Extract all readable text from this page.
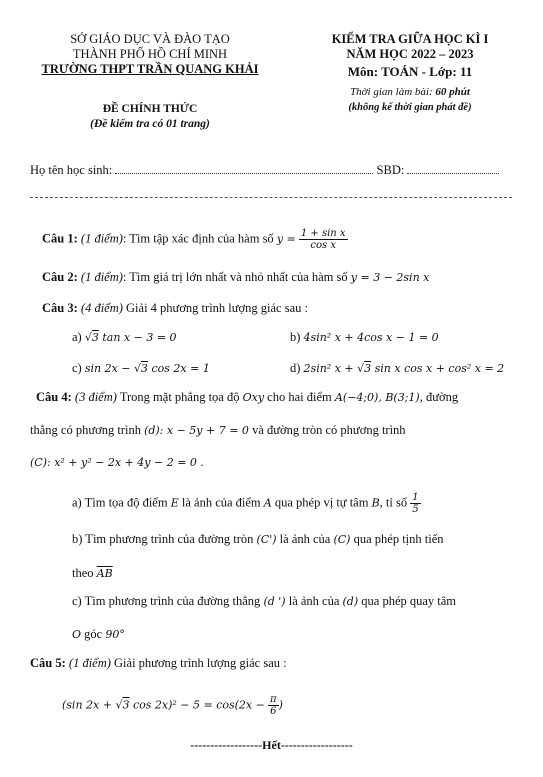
SỞ GIÁO DỤC VÀ ĐÀO TẠO
THÀNH PHỐ HỒ CHÍ MINH
TRƯỜNG THPT TRẦN QUANG KHẢI
ĐỀ CHÍNH THỨC
(Đề kiểm tra có 01 trang)
KIỂM TRA GIỮA HỌC KÌ I
NĂM HỌC 2022 – 2023
Môn: TOÁN - Lớp: 11
Thời gian làm bài: 60 phút
(không kể thời gian phát đề)
Họ tên học sinh:	SBD:
Câu 1: (1 điểm): Tìm tập xác định của hàm số $y = \frac{\text{1 + sin x}}{\text{cos x}}$
Câu 2: (1 điểm): Tìm giá trị lớn nhất và nhỏ nhất của hàm số y = 3 − 2sin x
Câu 3: (4 điểm) Giải 4 phương trình lượng giác sau :
a) √3 tan x − 3 = 0	b) 4sin² x + 4cos x − 1 = 0
c) sin 2x − √3 cos 2x = 1	d) 2sin² x + √3 sin x cos x + cos² x = 2
Câu 4: (3 điểm) Trong mặt phẳng tọa độ Oxy cho hai điểm A(−4;0), B(3;1), đường
thẳng có phương trình (d): x − 5y + 7 = 0 và đường tròn có phương trình
(C): x² + y² − 2x + 4y − 2 = 0 .
a) Tìm tọa độ điểm E là ảnh của điểm A qua phép vị tự tâm B, tỉ số $\frac{1}{5}$
b) Tìm phương trình của đường tròn (C') là ảnh của (C) qua phép tịnh tiến
theo $\overline{AB}$
c) Tìm phương trình của đường thẳng (d ') là ảnh của (d) qua phép quay tâm
O góc 90°
Câu 5: (1 điểm) Giải phương trình lượng giác sau :
(sin 2x + √3 $\cos 2x)^2 - 5 = \cos(2x - \frac{\pi}{6}$ )
------------------Hết------------------
